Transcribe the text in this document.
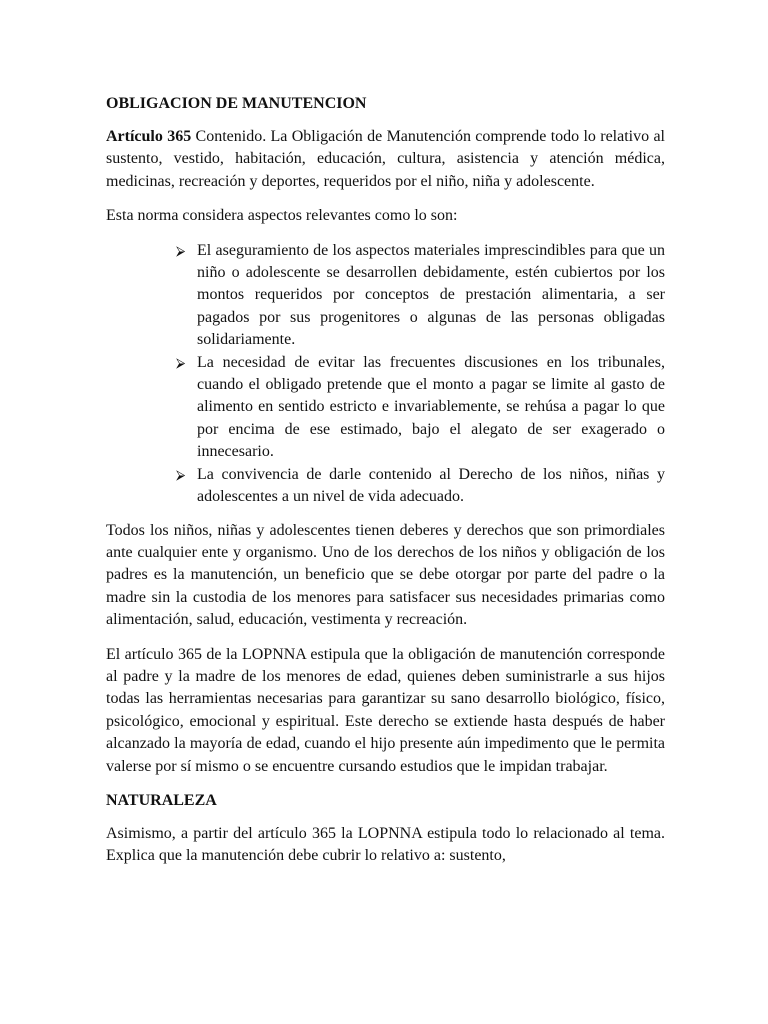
OBLIGACION DE MANUTENCION

Artículo 365 Contenido. La Obligación de Manutención comprende todo lo relativo al sustento, vestido, habitación, educación, cultura, asistencia y atención médica, medicinas, recreación y deportes, requeridos por el niño, niña y adolescente.

Esta norma considera aspectos relevantes como lo son:

⮚ El aseguramiento de los aspectos materiales imprescindibles para que un niño o adolescente se desarrollen debidamente, estén cubiertos por los montos requeridos por conceptos de prestación alimentaria, a ser pagados por sus progenitores o algunas de las personas obligadas solidariamente.
⮚ La necesidad de evitar las frecuentes discusiones en los tribunales, cuando el obligado pretende que el monto a pagar se limite al gasto de alimento en sentido estricto e invariablemente, se rehúsa a pagar lo que por encima de ese estimado, bajo el alegato de ser exagerado o innecesario.
⮚ La convivencia de darle contenido al Derecho de los niños, niñas y adolescentes a un nivel de vida adecuado.

Todos los niños, niñas y adolescentes tienen deberes y derechos que son primordiales ante cualquier ente y organismo. Uno de los derechos de los niños y obligación de los padres es la manutención, un beneficio que se debe otorgar por parte del padre o la madre sin la custodia de los menores para satisfacer sus necesidades primarias como alimentación, salud, educación, vestimenta y recreación.

El artículo 365 de la LOPNNA estipula que la obligación de manutención corresponde al padre y la madre de los menores de edad, quienes deben suministrarle a sus hijos todas las herramientas necesarias para garantizar su sano desarrollo biológico, físico, psicológico, emocional y espiritual. Este derecho se extiende hasta después de haber alcanzado la mayoría de edad, cuando el hijo presente aún impedimento que le permita valerse por sí mismo o se encuentre cursando estudios que le impidan trabajar.

NATURALEZA

Asimismo, a partir del artículo 365 la LOPNNA estipula todo lo relacionado al tema. Explica que la manutención debe cubrir lo relativo a: sustento,
